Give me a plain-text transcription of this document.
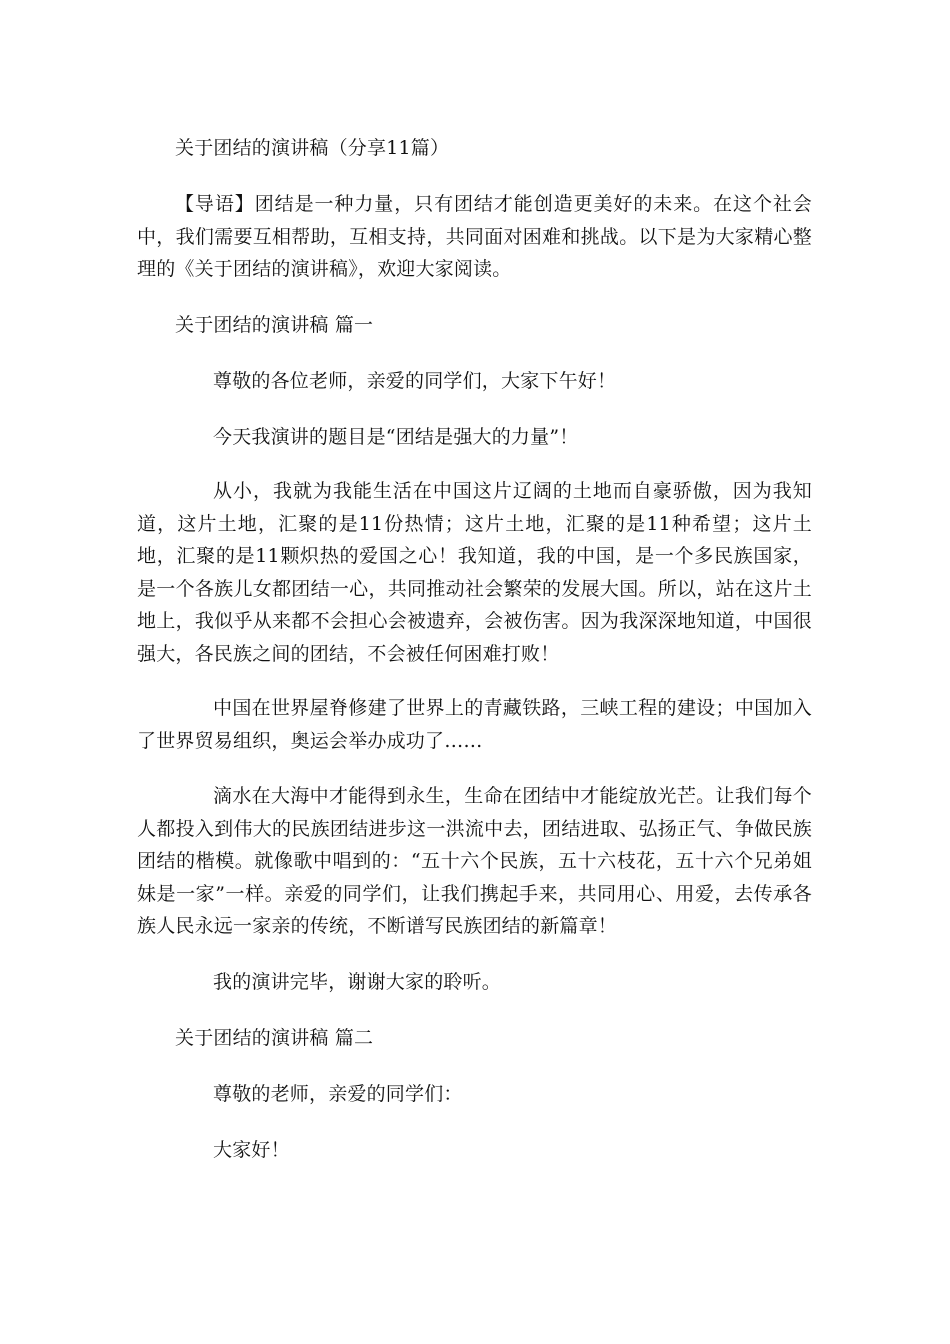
关于团结的演讲稿（分享11篇）

【导语】团结是一种力量，只有团结才能创造更美好的未来。在这个社会中，我们需要互相帮助，互相支持，共同面对困难和挑战。以下是为大家精心整理的《关于团结的演讲稿》，欢迎大家阅读。

关于团结的演讲稿 篇一

尊敬的各位老师，亲爱的同学们，大家下午好！

今天我演讲的题目是“团结是强大的力量”！

从小，我就为我能生活在中国这片辽阔的土地而自豪骄傲，因为我知道，这片土地，汇聚的是11份热情；这片土地，汇聚的是11种希望；这片土地，汇聚的是11颗炽热的爱国之心！我知道，我的中国，是一个多民族国家，是一个各族儿女都团结一心，共同推动社会繁荣的发展大国。所以，站在这片土地上，我似乎从来都不会担心会被遗弃，会被伤害。因为我深深地知道，中国很强大，各民族之间的团结，不会被任何困难打败！

中国在世界屋脊修建了世界上的青藏铁路，三峡工程的建设；中国加入了世界贸易组织，奥运会举办成功了……

滴水在大海中才能得到永生，生命在团结中才能绽放光芒。让我们每个人都投入到伟大的民族团结进步这一洪流中去，团结进取、弘扬正气、争做民族团结的楷模。就像歌中唱到的：“五十六个民族，五十六枝花，五十六个兄弟姐妹是一家”一样。亲爱的同学们，让我们携起手来，共同用心、用爱，去传承各族人民永远一家亲的传统，不断谱写民族团结的新篇章！

我的演讲完毕，谢谢大家的聆听。

关于团结的演讲稿 篇二

尊敬的老师，亲爱的同学们：

大家好！
